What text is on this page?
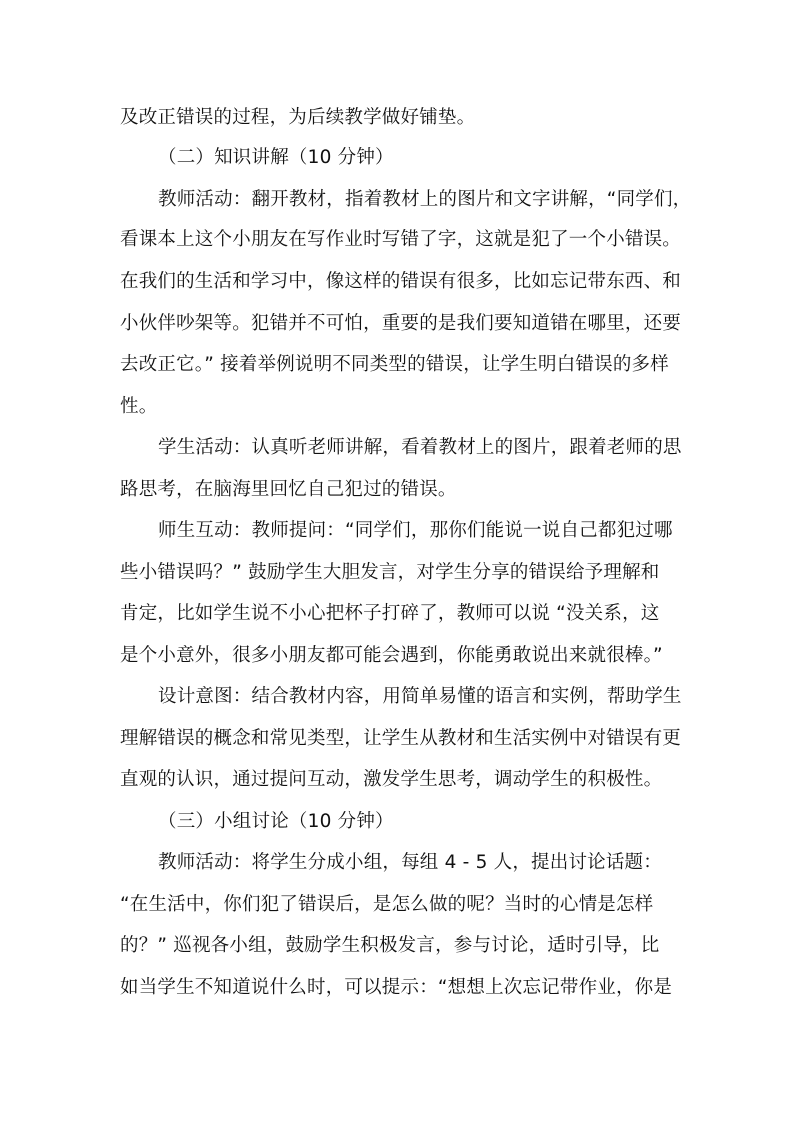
及改正错误的过程，为后续教学做好铺垫。
（二）知识讲解（10 分钟）
教师活动：翻开教材，指着教材上的图片和文字讲解，“同学们，
看课本上这个小朋友在写作业时写错了字，这就是犯了一个小错误。
在我们的生活和学习中，像这样的错误有很多，比如忘记带东西、和
小伙伴吵架等。犯错并不可怕，重要的是我们要知道错在哪里，还要
去改正它。” 接着举例说明不同类型的错误，让学生明白错误的多样
性。
学生活动：认真听老师讲解，看着教材上的图片，跟着老师的思
路思考，在脑海里回忆自己犯过的错误。
师生互动：教师提问：“同学们，那你们能说一说自己都犯过哪
些小错误吗？” 鼓励学生大胆发言，对学生分享的错误给予理解和
肯定，比如学生说不小心把杯子打碎了，教师可以说 “没关系，这
是个小意外，很多小朋友都可能会遇到，你能勇敢说出来就很棒。”
设计意图：结合教材内容，用简单易懂的语言和实例，帮助学生
理解错误的概念和常见类型，让学生从教材和生活实例中对错误有更
直观的认识，通过提问互动，激发学生思考，调动学生的积极性。
（三）小组讨论（10 分钟）
教师活动：将学生分成小组，每组 4 - 5 人，提出讨论话题：
“在生活中，你们犯了错误后，是怎么做的呢？当时的心情是怎样
的？” 巡视各小组，鼓励学生积极发言，参与讨论，适时引导，比
如当学生不知道说什么时，可以提示：“想想上次忘记带作业，你是
